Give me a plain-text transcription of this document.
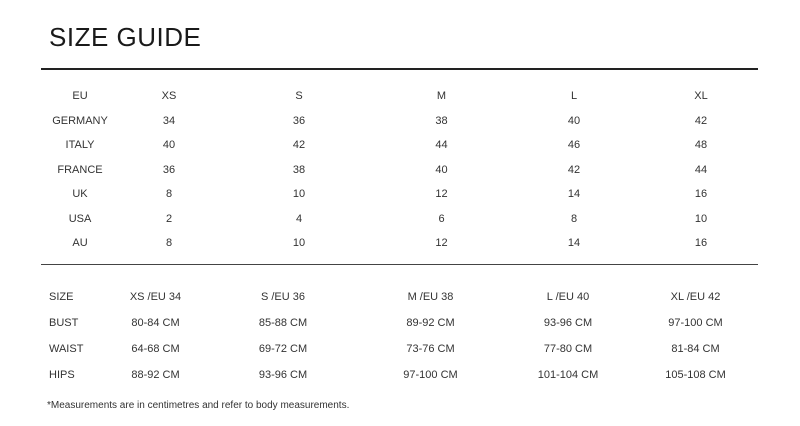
SIZE GUIDE
EU	XS	S	M	L	XL
GERMANY	34	36	38	40	42
ITALY	40	42	44	46	48
FRANCE	36	38	40	42	44
UK	8	10	12	14	16
USA	2	4	6	8	10
AU	8	10	12	14	16
SIZE	XS /EU 34	S /EU 36	M /EU 38	L /EU 40	XL /EU 42
BUST	80-84 CM	85-88 CM	89-92 CM	93-96 CM	97-100 CM
WAIST	64-68 CM	69-72 CM	73-76 CM	77-80 CM	81-84 CM
HIPS	88-92 CM	93-96 CM	97-100 CM	101-104 CM	105-108 CM
*Measurements are in centimetres and refer to body measurements.
